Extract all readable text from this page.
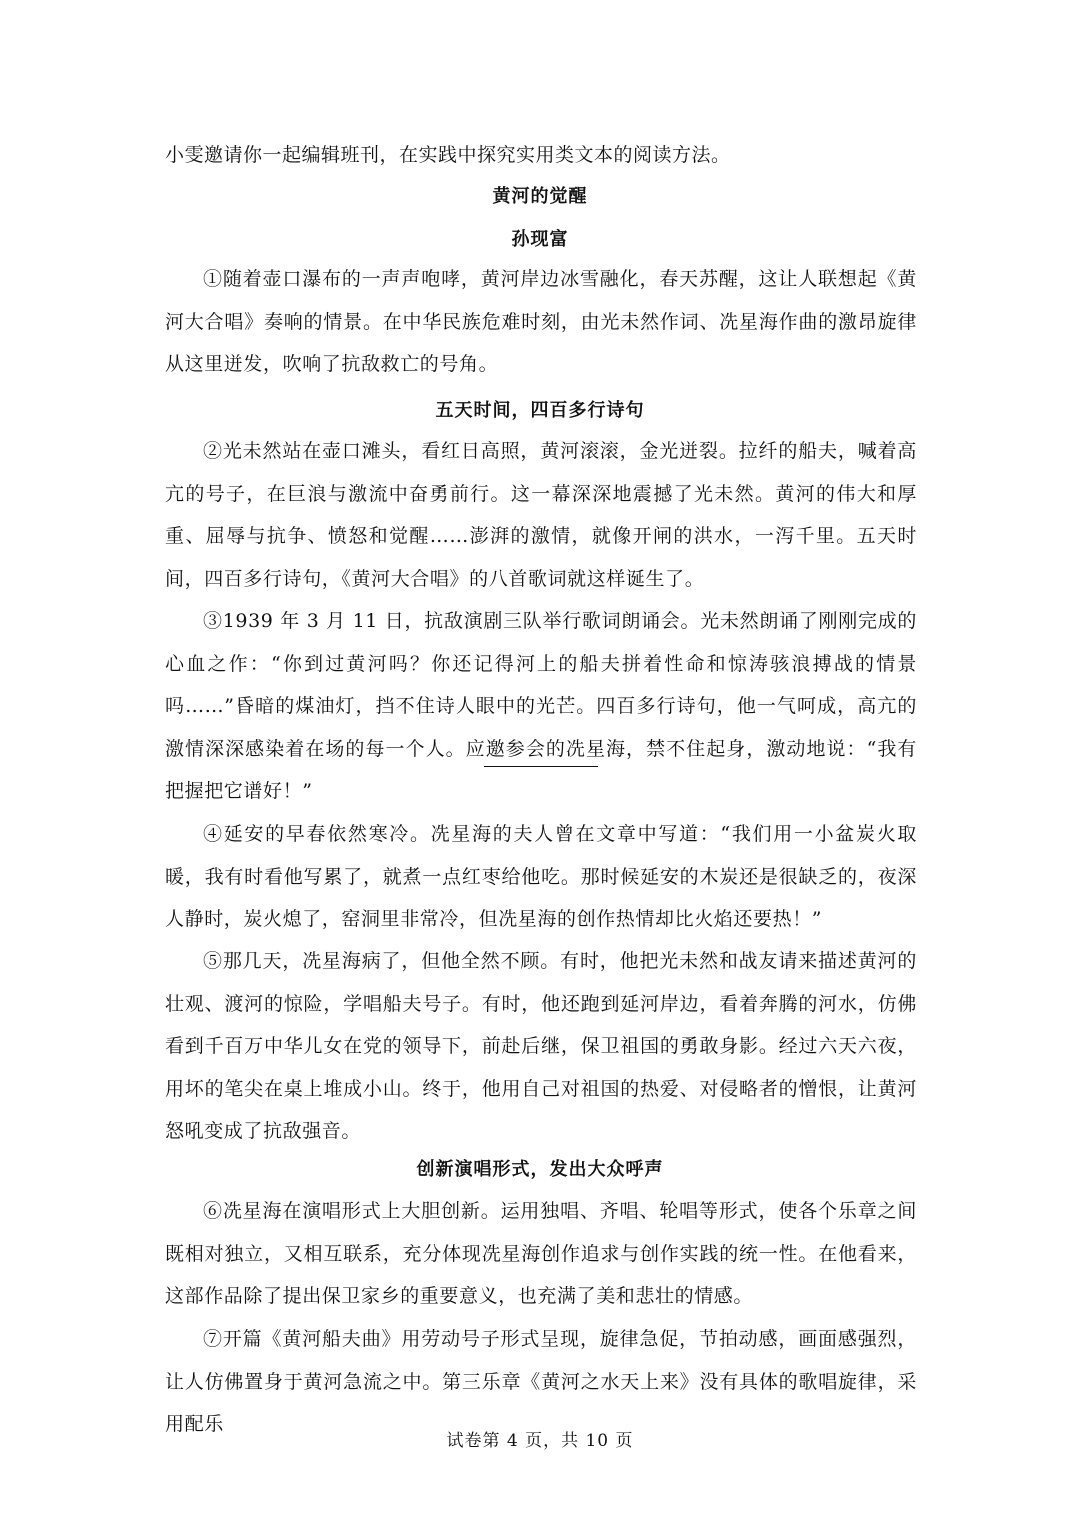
小雯邀请你一起编辑班刊，在实践中探究实用类文本的阅读方法。
黄河的觉醒
孙现富
①随着壶口瀑布的一声声咆哮，黄河岸边冰雪融化，春天苏醒，这让人联想起《黄河大合唱》奏响的情景。在中华民族危难时刻，由光未然作词、冼星海作曲的激昂旋律从这里迸发，吹响了抗敌救亡的号角。
五天时间，四百多行诗句
②光未然站在壶口滩头，看红日高照，黄河滚滚，金光迸裂。拉纤的船夫，喊着高亢的号子，在巨浪与激流中奋勇前行。这一幕深深地震撼了光未然。黄河的伟大和厚重、屈辱与抗争、愤怒和觉醒……澎湃的激情，就像开闸的洪水，一泻千里。五天时间，四百多行诗句，《黄河大合唱》的八首歌词就这样诞生了。
③1939 年 3 月 11 日，抗敌演剧三队举行歌词朗诵会。光未然朗诵了刚刚完成的心血之作：“你到过黄河吗？你还记得河上的船夫拼着性命和惊涛骇浪搏战的情景吗……”昏暗的煤油灯，挡不住诗人眼中的光芒。四百多行诗句，他一气呵成，高亢的激情深深感染着在场的每一个人。应邀参会的冼星海，禁不住起身，激动地说：“我有把握把它谱好！”
④延安的早春依然寒冷。冼星海的夫人曾在文章中写道：“我们用一小盆炭火取暖，我有时看他写累了，就煮一点红枣给他吃。那时候延安的木炭还是很缺乏的，夜深人静时，炭火熄了，窑洞里非常冷，但冼星海的创作热情却比火焰还要热！”
⑤那几天，冼星海病了，但他全然不顾。有时，他把光未然和战友请来描述黄河的壮观、渡河的惊险，学唱船夫号子。有时，他还跑到延河岸边，看着奔腾的河水，仿佛看到千百万中华儿女在党的领导下，前赴后继，保卫祖国的勇敢身影。经过六天六夜，用坏的笔尖在桌上堆成小山。终于，他用自己对祖国的热爱、对侵略者的憎恨，让黄河怒吼变成了抗敌强音。
创新演唱形式，发出大众呼声
⑥冼星海在演唱形式上大胆创新。运用独唱、齐唱、轮唱等形式，使各个乐章之间既相对独立，又相互联系，充分体现冼星海创作追求与创作实践的统一性。在他看来，这部作品除了提出保卫家乡的重要意义，也充满了美和悲壮的情感。
⑦开篇《黄河船夫曲》用劳动号子形式呈现，旋律急促，节拍动感，画面感强烈，让人仿佛置身于黄河急流之中。第三乐章《黄河之水天上来》没有具体的歌唱旋律，采用配乐
试卷第 4 页，共 10 页
